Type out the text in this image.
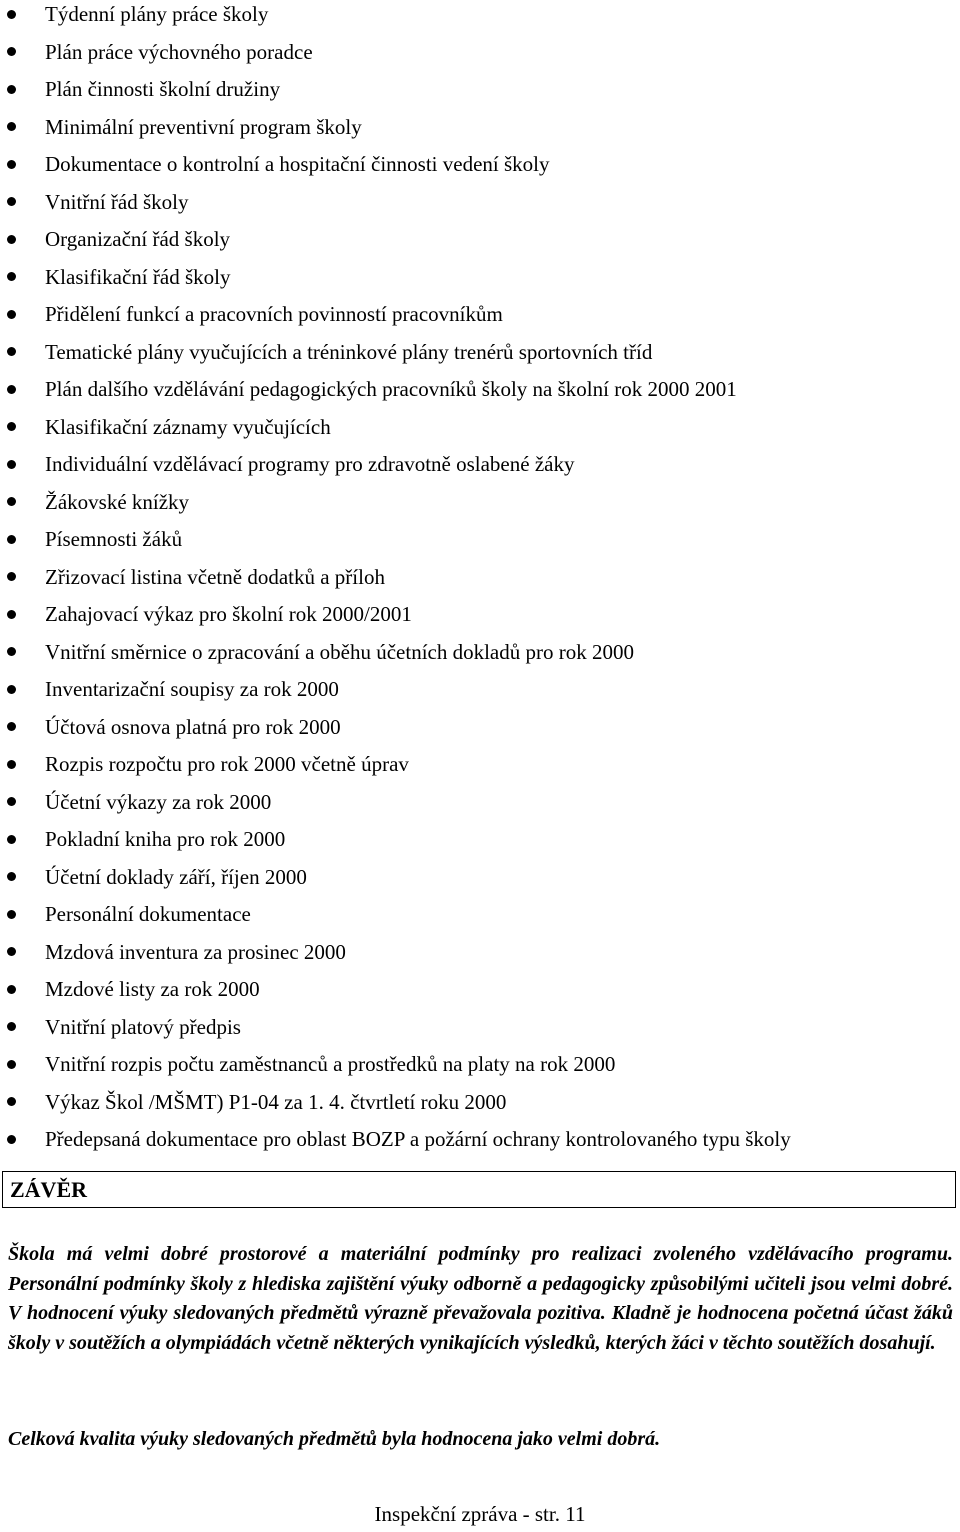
Týdenní plány práce školy
Plán práce výchovného poradce
Plán činnosti školní družiny
Minimální preventivní program školy
Dokumentace o kontrolní a hospitační činnosti vedení školy
Vnitřní řád školy
Organizační řád školy
Klasifikační řád školy
Přidělení funkcí a pracovních povinností pracovníkům
Tematické plány vyučujících a tréninkové plány trenérů sportovních tříd
Plán dalšího vzdělávání pedagogických pracovníků školy na školní rok 2000 2001
Klasifikační záznamy vyučujících
Individuální vzdělávací programy pro zdravotně oslabené žáky
Žákovské knížky
Písemnosti žáků
Zřizovací listina včetně dodatků a příloh
Zahajovací výkaz pro školní rok 2000/2001
Vnitřní směrnice o zpracování a oběhu účetních dokladů pro rok 2000
Inventarizační soupisy za rok 2000
Účtová osnova platná pro rok 2000
Rozpis rozpočtu pro rok 2000 včetně úprav
Účetní výkazy za rok 2000
Pokladní kniha pro rok 2000
Účetní doklady září, říjen 2000
Personální dokumentace
Mzdová inventura za prosinec 2000
Mzdové listy za rok 2000
Vnitřní platový předpis
Vnitřní rozpis počtu zaměstnanců a prostředků na platy na rok 2000
Výkaz Škol /MŠMT) P1-04 za 1. 4. čtvrtletí roku 2000
Předepsaná dokumentace pro oblast BOZP a požární ochrany kontrolovaného typu školy
ZÁVĚR

Škola má velmi dobré prostorové a materiální podmínky pro realizaci zvoleného vzdělávacího programu. Personální podmínky školy z hlediska zajištění výuky odborně a pedagogicky způsobilými učiteli jsou velmi dobré. V hodnocení výuky sledovaných předmětů výrazně převažovala pozitiva. Kladně je hodnocena početná účast žáků školy v soutěžích a olympiádách včetně některých vynikajících výsledků, kterých žáci v těchto soutěžích dosahují.

Celková kvalita výuky sledovaných předmětů byla hodnocena jako velmi dobrá.

Inspekční zpráva - str. 11
